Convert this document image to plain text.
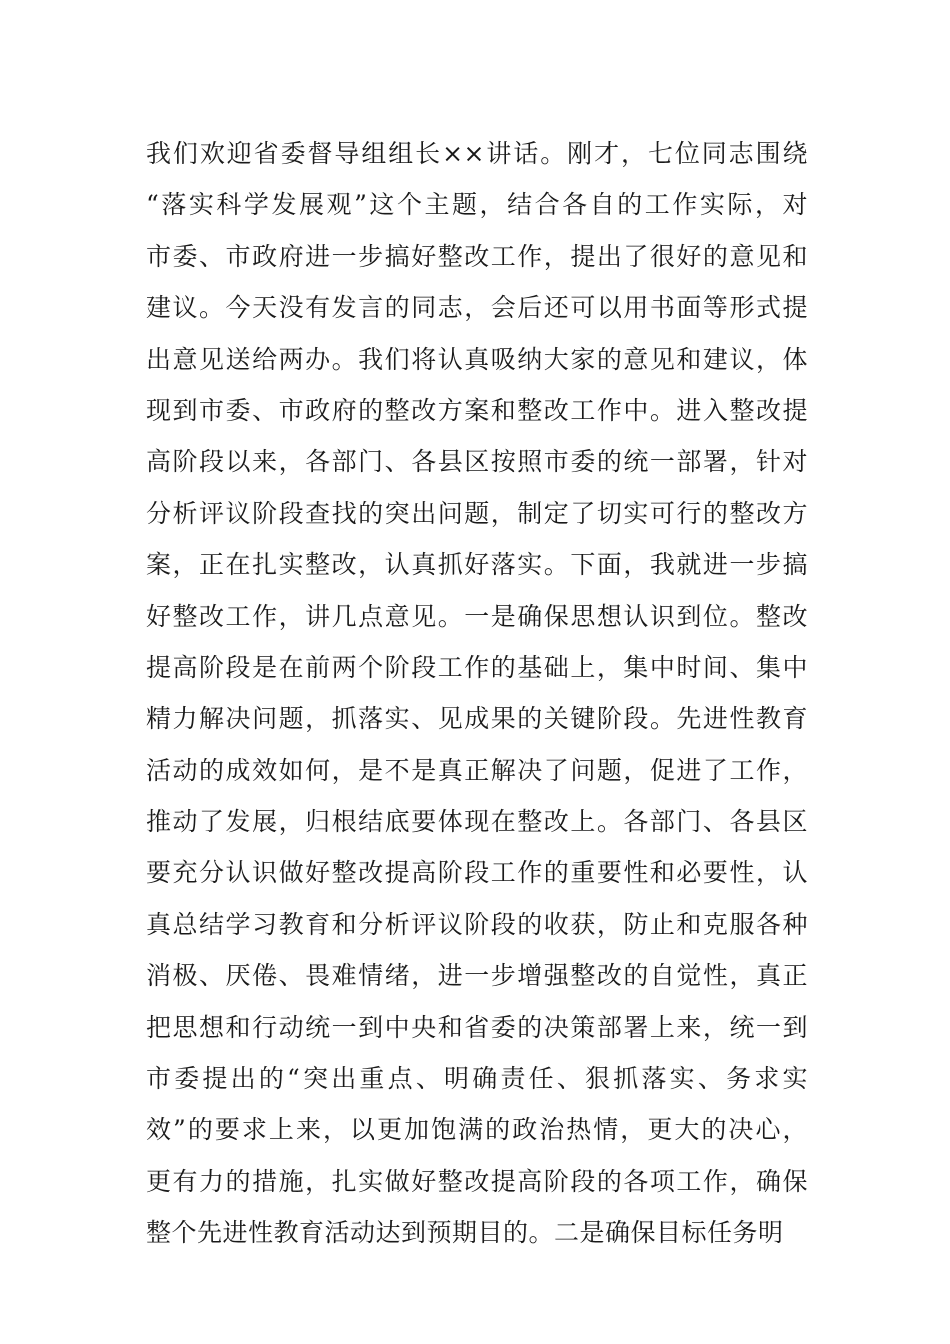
我们欢迎省委督导组组长××讲话。刚才，七位同志围绕
“落实科学发展观”这个主题，结合各自的工作实际，对
市委、市政府进一步搞好整改工作，提出了很好的意见和
建议。今天没有发言的同志，会后还可以用书面等形式提
出意见送给两办。我们将认真吸纳大家的意见和建议，体
现到市委、市政府的整改方案和整改工作中。进入整改提
高阶段以来，各部门、各县区按照市委的统一部署，针对
分析评议阶段查找的突出问题，制定了切实可行的整改方
案，正在扎实整改，认真抓好落实。下面，我就进一步搞
好整改工作，讲几点意见。一是确保思想认识到位。整改
提高阶段是在前两个阶段工作的基础上，集中时间、集中
精力解决问题，抓落实、见成果的关键阶段。先进性教育
活动的成效如何，是不是真正解决了问题，促进了工作，
推动了发展，归根结底要体现在整改上。各部门、各县区
要充分认识做好整改提高阶段工作的重要性和必要性，认
真总结学习教育和分析评议阶段的收获，防止和克服各种
消极、厌倦、畏难情绪，进一步增强整改的自觉性，真正
把思想和行动统一到中央和省委的决策部署上来，统一到
市委提出的“突出重点、明确责任、狠抓落实、务求实
效”的要求上来，以更加饱满的政治热情，更大的决心，
更有力的措施，扎实做好整改提高阶段的各项工作，确保
整个先进性教育活动达到预期目的。二是确保目标任务明
